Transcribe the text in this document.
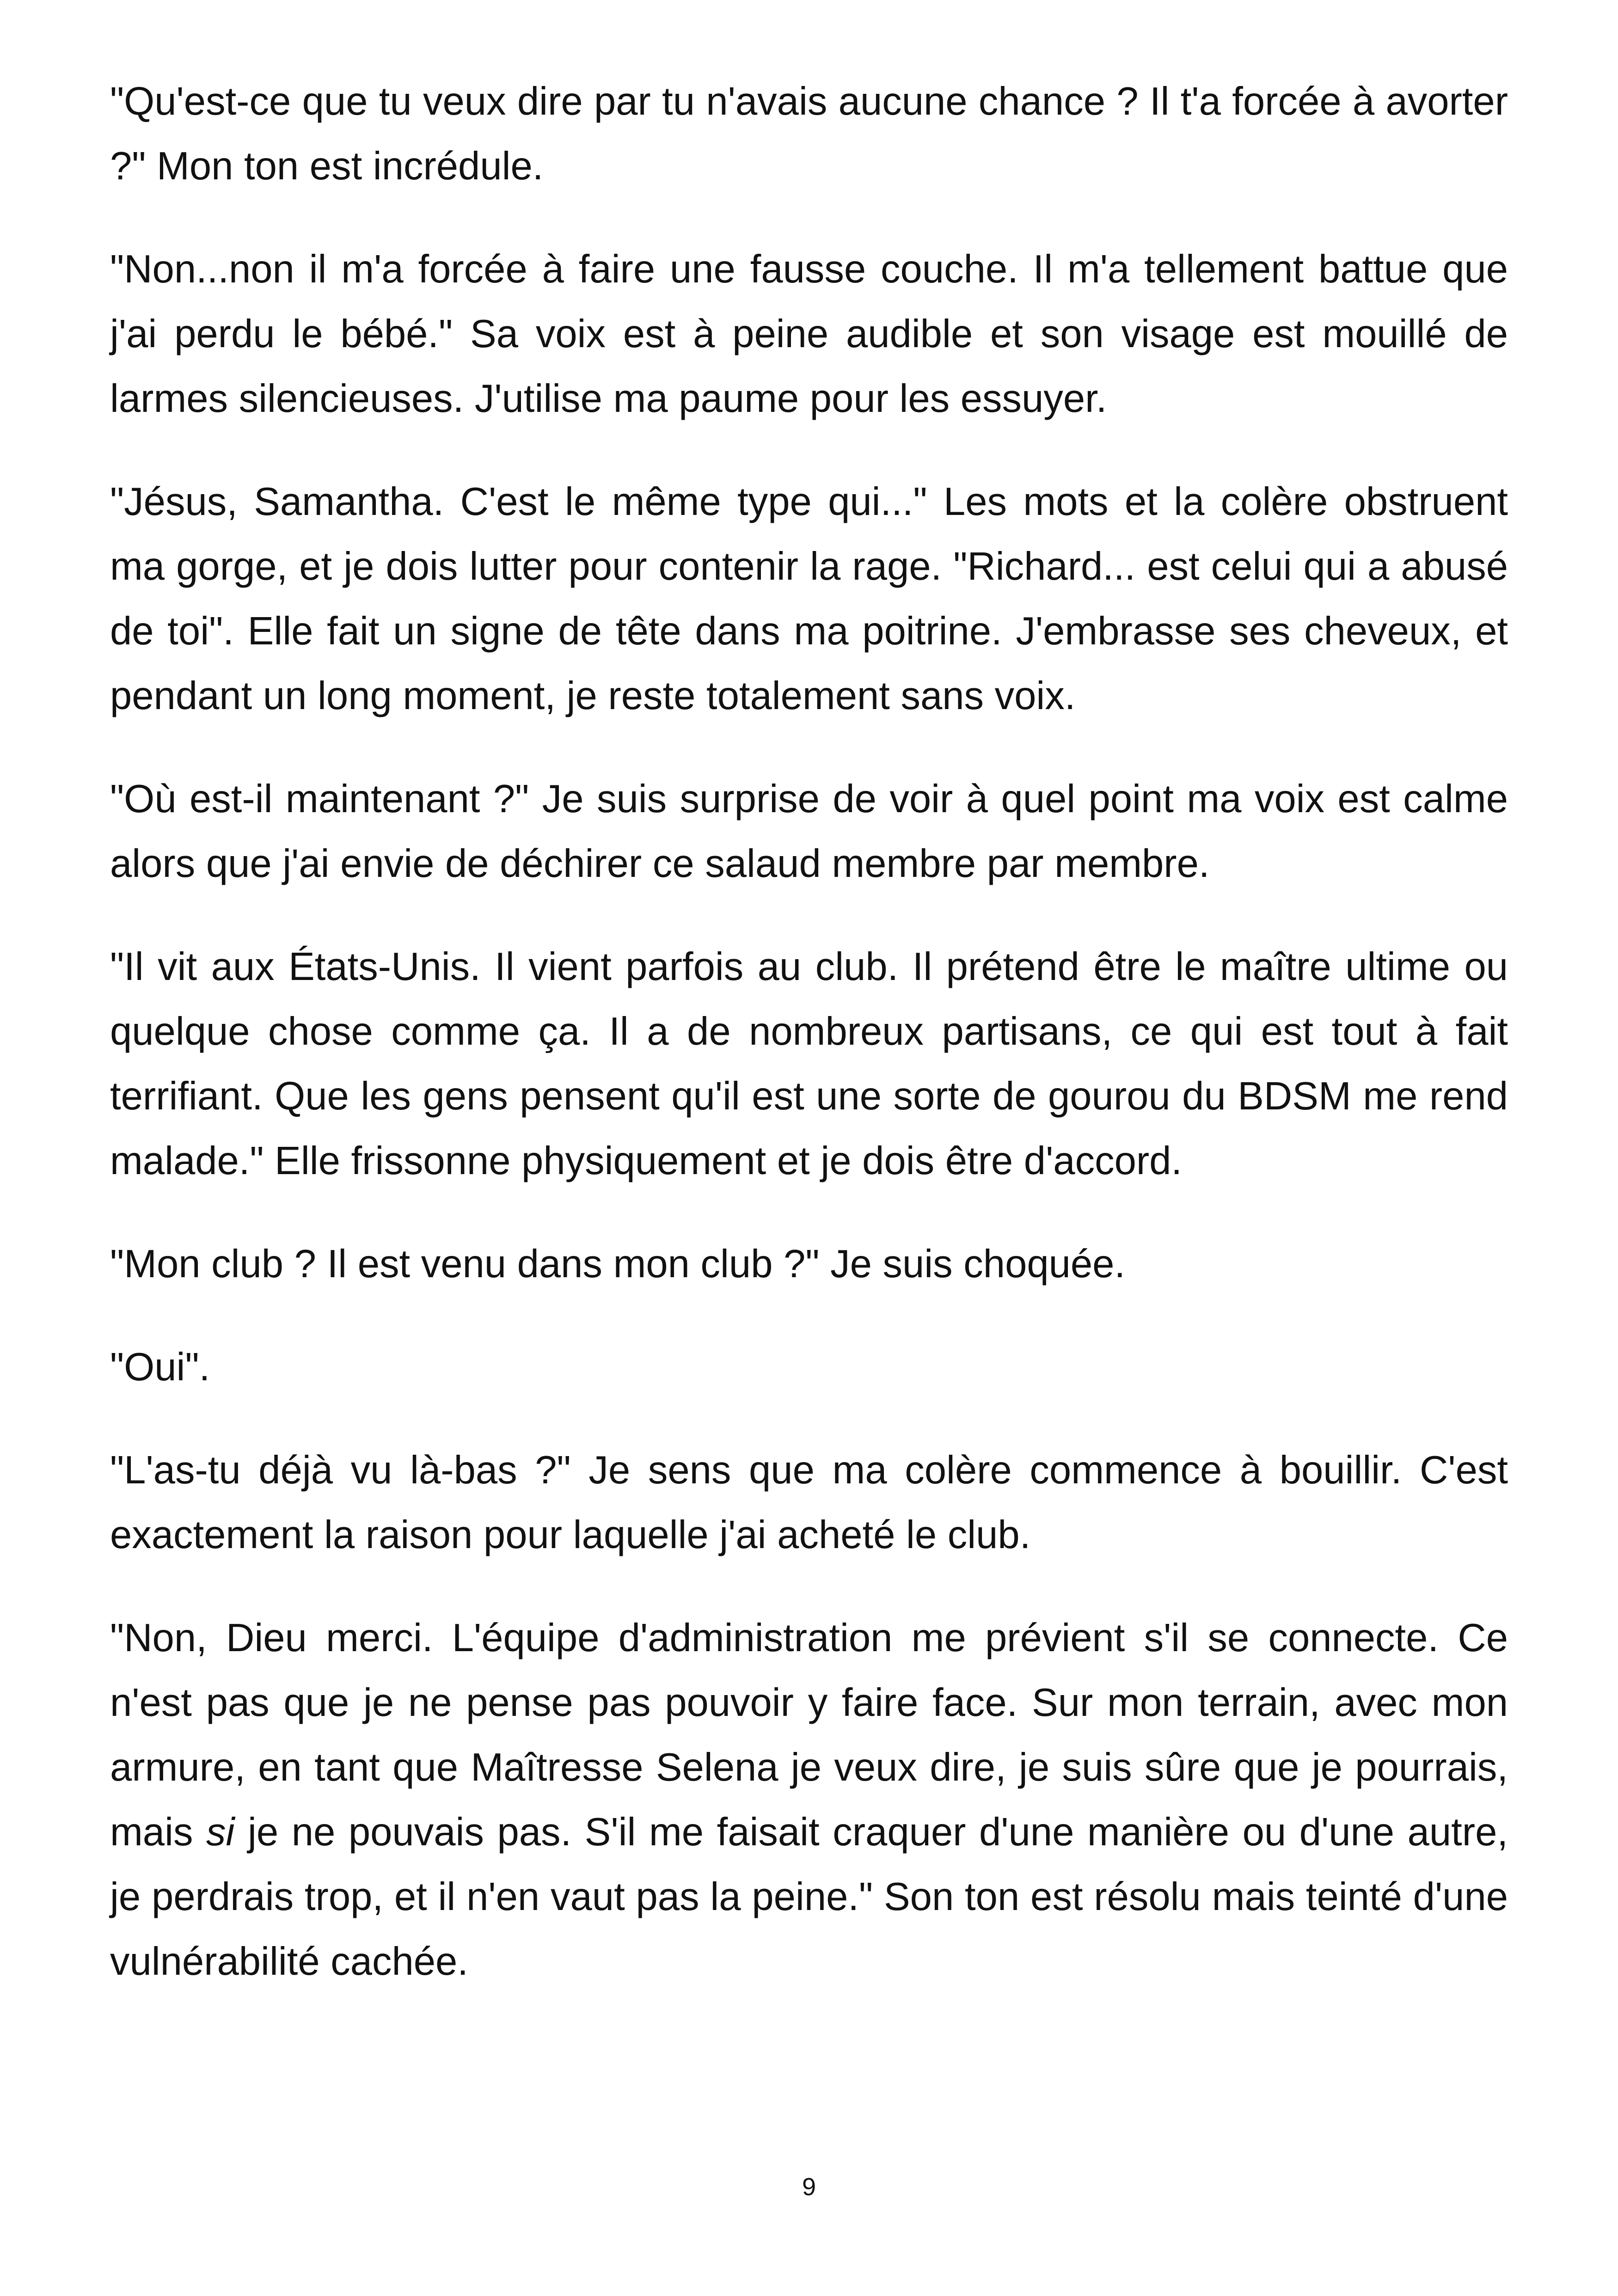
"Qu'est-ce que tu veux dire par tu n'avais aucune chance ? Il t'a forcée à avorter ?" Mon ton est incrédule.

"Non...non il m'a forcée à faire une fausse couche. Il m'a tellement battue que j'ai perdu le bébé." Sa voix est à peine audible et son visage est mouillé de larmes silencieuses. J'utilise ma paume pour les essuyer.

"Jésus, Samantha. C'est le même type qui..." Les mots et la colère obstruent ma gorge, et je dois lutter pour contenir la rage. "Richard... est celui qui a abusé de toi". Elle fait un signe de tête dans ma poitrine. J'embrasse ses cheveux, et pendant un long moment, je reste totalement sans voix.

"Où est-il maintenant ?" Je suis surprise de voir à quel point ma voix est calme alors que j'ai envie de déchirer ce salaud membre par membre.

"Il vit aux États-Unis. Il vient parfois au club. Il prétend être le maître ultime ou quelque chose comme ça. Il a de nombreux partisans, ce qui est tout à fait terrifiant. Que les gens pensent qu'il est une sorte de gourou du BDSM me rend malade." Elle frissonne physiquement et je dois être d'accord.

"Mon club ? Il est venu dans mon club ?" Je suis choquée.

"Oui".

"L'as-tu déjà vu là-bas ?" Je sens que ma colère commence à bouillir. C'est exactement la raison pour laquelle j'ai acheté le club.

"Non, Dieu merci. L'équipe d'administration me prévient s'il se connecte. Ce n'est pas que je ne pense pas pouvoir y faire face. Sur mon terrain, avec mon armure, en tant que Maîtresse Selena je veux dire, je suis sûre que je pourrais, mais si je ne pouvais pas. S'il me faisait craquer d'une manière ou d'une autre, je perdrais trop, et il n'en vaut pas la peine." Son ton est résolu mais teinté d'une vulnérabilité cachée.

9
